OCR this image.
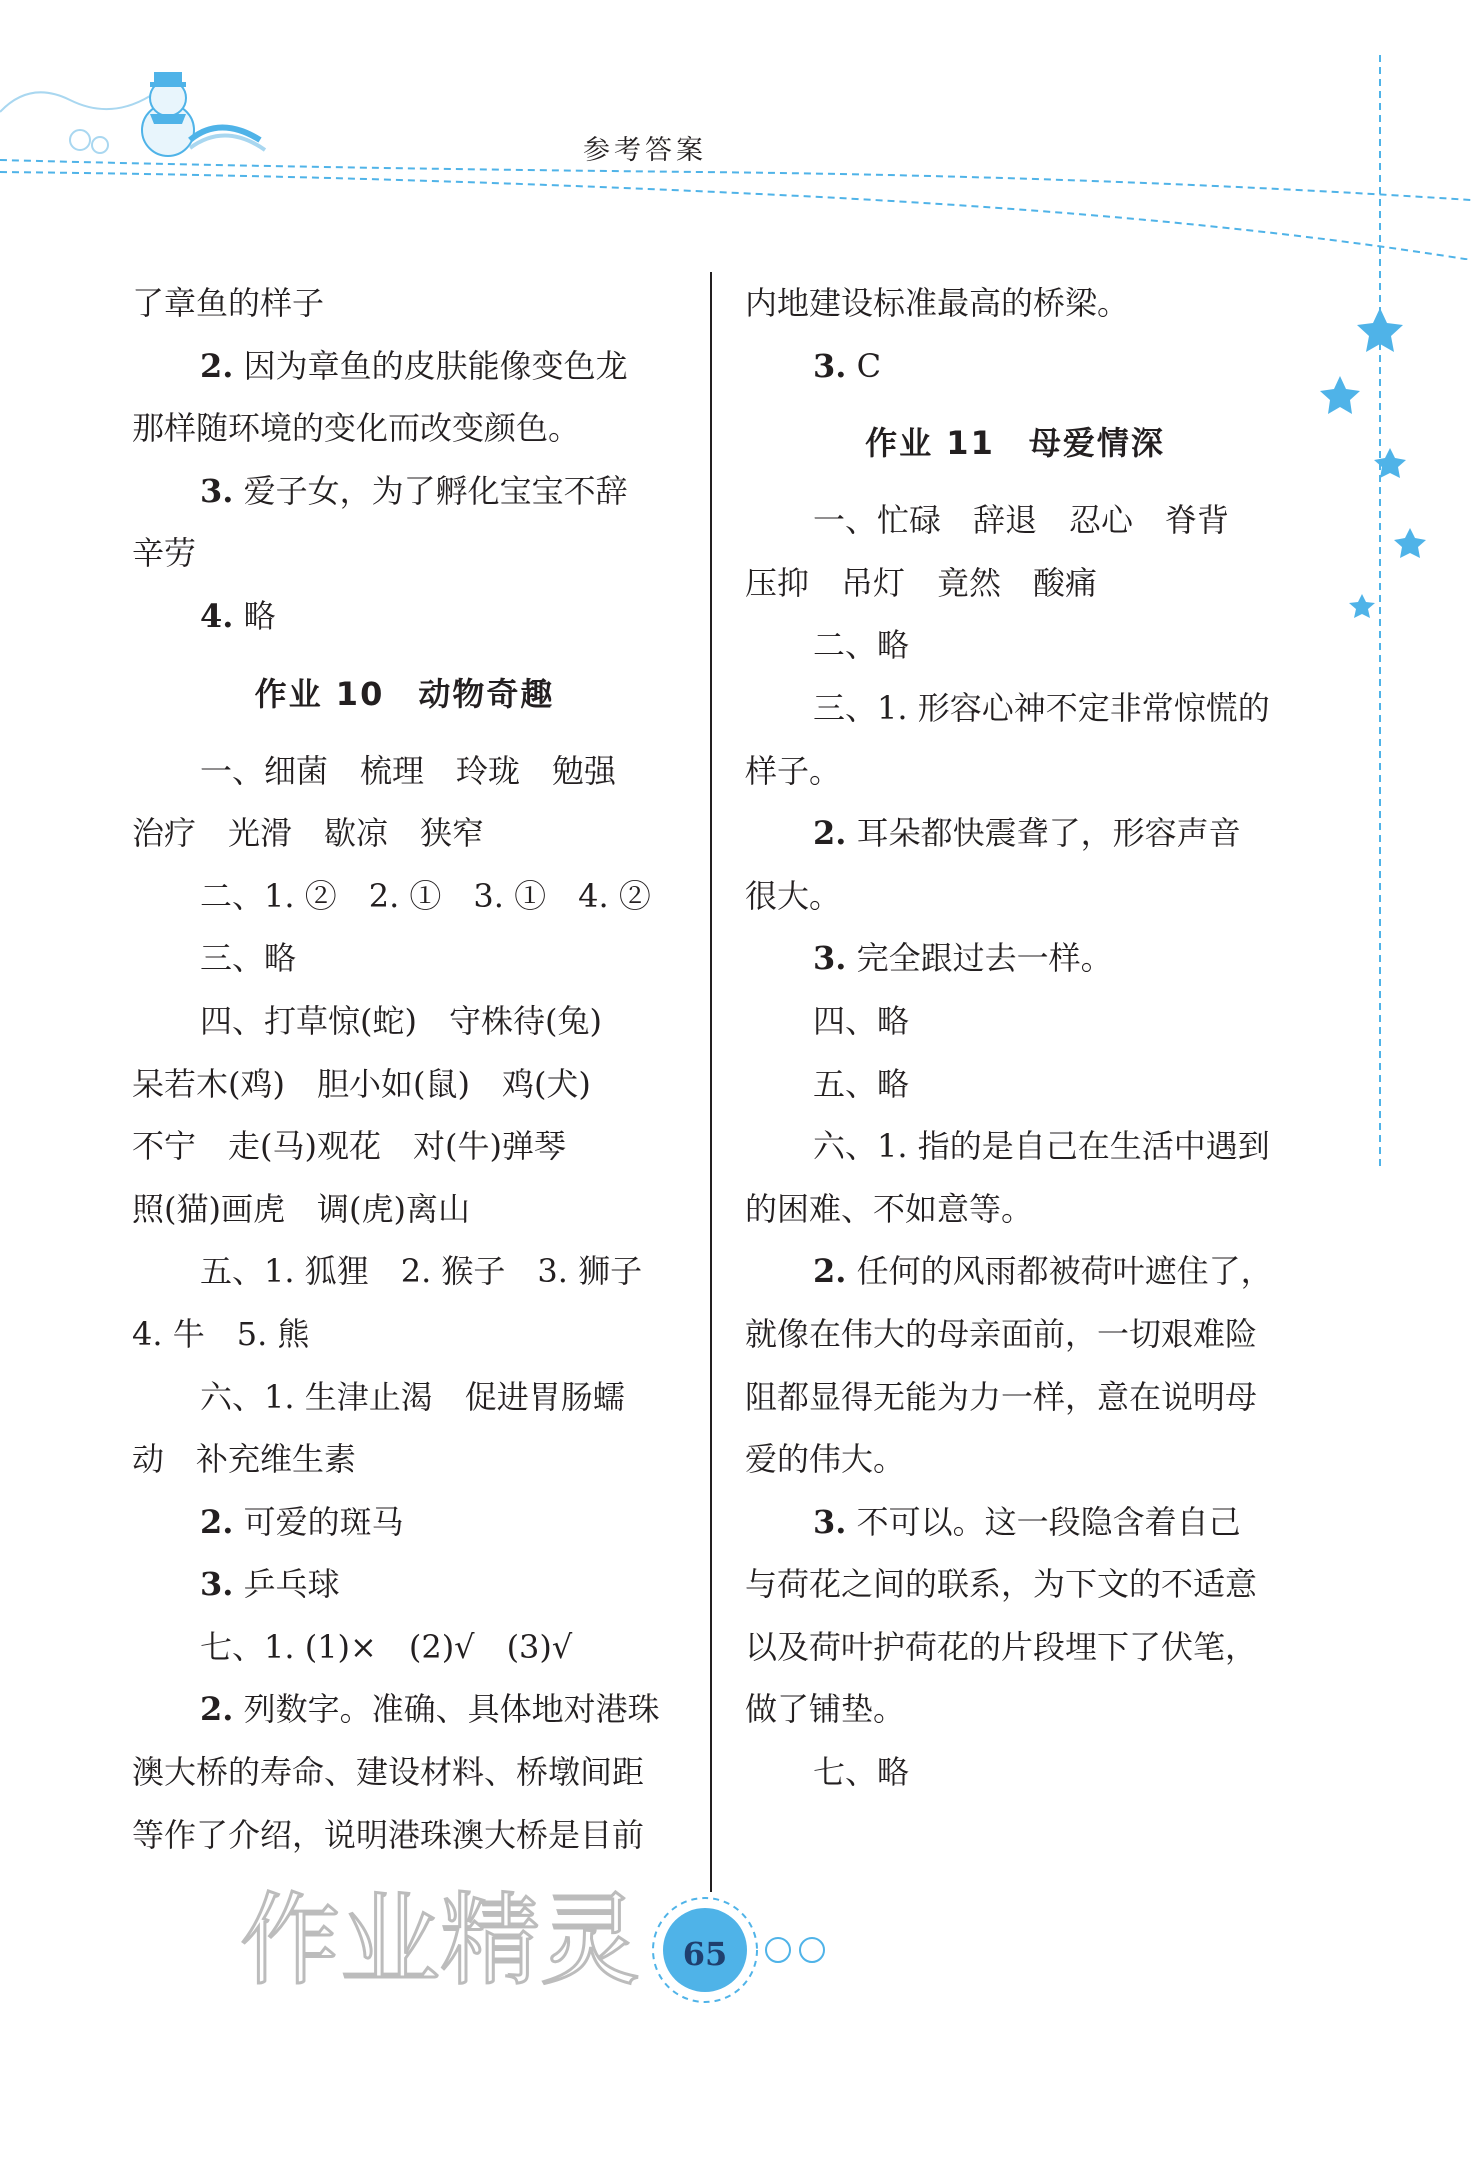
参考答案
了章鱼的样子
2. 因为章鱼的皮肤能像变色龙
那样随环境的变化而改变颜色。
3. 爱子女，为了孵化宝宝不辞
辛劳
4. 略
作业 10　动物奇趣
一、细菌　梳理　玲珑　勉强
治疗　光滑　歇凉　狭窄
二、1. ②　2. ①　3. ①　4. ②
三、略
四、打草惊(蛇)　守株待(兔)
呆若木(鸡)　胆小如(鼠)　鸡(犬)
不宁　走(马)观花　对(牛)弹琴
照(猫)画虎　调(虎)离山
五、1. 狐狸　2. 猴子　3. 狮子
4. 牛　5. 熊
六、1. 生津止渴　促进胃肠蠕
动　补充维生素
2. 可爱的斑马
3. 乒乓球
七、1. (1)×　(2)√　(3)√
2. 列数字。准确、具体地对港珠
澳大桥的寿命、建设材料、桥墩间距
等作了介绍，说明港珠澳大桥是目前
内地建设标准最高的桥梁。
3. C
作业 11　母爱情深
一、忙碌　辞退　忍心　脊背
压抑　吊灯　竟然　酸痛
二、略
三、1. 形容心神不定非常惊慌的
样子。
2. 耳朵都快震聋了，形容声音
很大。
3. 完全跟过去一样。
四、略
五、略
六、1. 指的是自己在生活中遇到
的困难、不如意等。
2. 任何的风雨都被荷叶遮住了，
就像在伟大的母亲面前，一切艰难险
阻都显得无能为力一样，意在说明母
爱的伟大。
3. 不可以。这一段隐含着自己
与荷花之间的联系，为下文的不适意
以及荷叶护荷花的片段埋下了伏笔，
做了铺垫。
七、略
作业精灵	65
